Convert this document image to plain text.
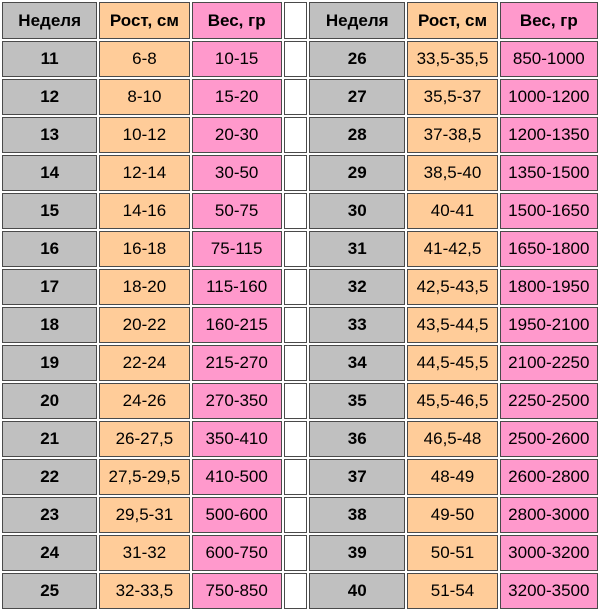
Неделя	Рост, см	Вес, гр		Неделя	Рост, см	Вес, гр
11	6-8	10-15		26	33,5-35,5	850-1000
12	8-10	15-20		27	35,5-37	1000-1200
13	10-12	20-30		28	37-38,5	1200-1350
14	12-14	30-50		29	38,5-40	1350-1500
15	14-16	50-75		30	40-41	1500-1650
16	16-18	75-115		31	41-42,5	1650-1800
17	18-20	115-160		32	42,5-43,5	1800-1950
18	20-22	160-215		33	43,5-44,5	1950-2100
19	22-24	215-270		34	44,5-45,5	2100-2250
20	24-26	270-350		35	45,5-46,5	2250-2500
21	26-27,5	350-410		36	46,5-48	2500-2600
22	27,5-29,5	410-500		37	48-49	2600-2800
23	29,5-31	500-600		38	49-50	2800-3000
24	31-32	600-750		39	50-51	3000-3200
25	32-33,5	750-850		40	51-54	3200-3500
